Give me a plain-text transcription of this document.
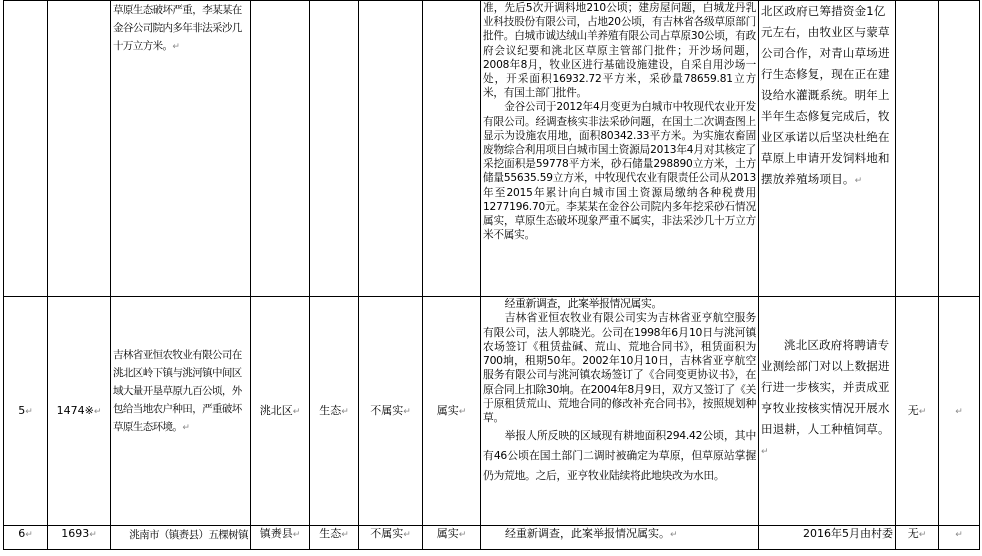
		草原生态破坏严重，李某某在金谷公司院内多年非法采沙几十万立方米。↵					准，先后5次开调料地210公顷；建房屋问题，白城龙丹乳业科技股份有限公司，占地20公顷，有吉林省各级草原部门批件。白城市诚达绒山羊养殖有限公司占草原30公顷，有政府会议纪要和洮北区草原主管部门批件；开沙场问题，2008年8月，牧业区进行基础设施建设，自采自用沙场一处，开采面积16932.72平方米，采砂量78659.81立方米，有国土部门批件。

金谷公司于2012年4月变更为白城市中牧现代农业开发有限公司。经调查核实非法采砂问题，在国土二次调查图上显示为设施农用地，面积80342.33平方米。为实施农畜固废物综合利用项目白城市国土资源局2013年4月对其核定了采挖面积是59778平方米，砂石储量298890立方米，土方储量55635.59立方米，中牧现代农业有限责任公司从2013年至2015年累计向白城市国土资源局缴纳各种税费用1277196.70元。李某某在金谷公司院内多年挖采砂石情况属实，草原生态破坏现象严重不属实，非法采沙几十万立方米不属实。	北区政府已筹措资金1亿元左右，由牧业区与蒙草公司合作，对青山草场进行生态修复，现在正在建设给水灌溉系统。明年上半年生态修复完成后，牧业区承诺以后坚决杜绝在草原上申请开发饲料地和摆放养殖场项目。↵		

5↵	1474※↵	吉林省亚恒农牧业有限公司在洮北区岭下镇与洮河镇中间区域大量开垦草原九百公顷，外包给当地农户种田，严重破坏草原生态环境。↵	洮北区↵	生态↵	不属实↵	属实↵	经重新调查，此案举报情况属实。

吉林省亚恒农牧业有限公司实为吉林省亚亨航空服务有限公司，法人郭晓光。公司在1998年6月10日与洮河镇农场签订《租赁盐碱、荒山、荒地合同书》，租赁面积为700垧，租期50年。2002年10月10日，吉林省亚亨航空服务有限公司与洮河镇农场签订了《合同变更协议书》，在原合同上扣除30垧。在2004年8月9日，双方又签订了《关于原租赁荒山、荒地合同的修改补充合同书》，按照规划种草。

举报人所反映的区域现有耕地面积294.42公顷，其中有46公顷在国土部门二调时被确定为草原，但草原站掌握仍为荒地。之后，亚亨牧业陆续将此地块改为水田。	洮北区政府将聘请专业测绘部门对以上数据进行进一步核实，并责成亚亨牧业按核实情况开展水田退耕，人工种植饲草。↵	无↵	↵
6↵	1693↵	洮南市（镇赉县）五棵树镇	镇赉县↵	生态↵	不属实↵	属实↵	经重新调查，此案举报情况属实。↵	2016年5月由村委	无↵	↵
